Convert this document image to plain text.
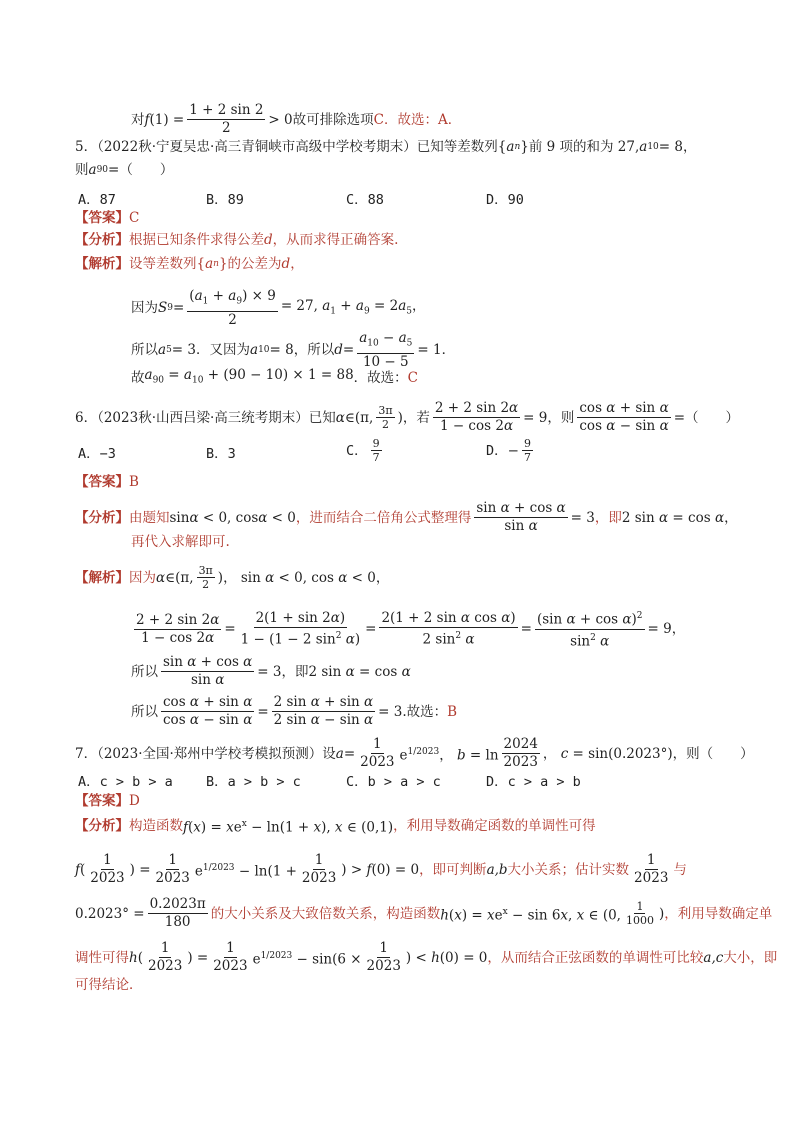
对 f $(1) = \frac{1 + 2 \sin 2}{2} > 0$ 故可排除选项 C．故选：A．
5．（2022秋·宁夏吴忠·高三青铜峡市高级中学校考期末）已知等差数列 { a n } 前 9 项的和为 27, a 10 = 8，
则 a 90 =（　　）
A．87	B．89	C．88	D．90
【答案】 C
【分析】 根据已知条件求得公差 d ，从而求得正确答案.
【解析】 设等差数列 { a n } 的公差为 d ，
因为 S $9 = \frac{(a_1 + a_9) \times 9}{2} = 27$, $a_1 + a_9 = 2a_5$，
所以 a 5 = 3 ．又因为 a 10 = 8 ，所以 $d = \frac{a_{10} - a_5}{10 - 5} = 1$．
故 $a_{90} = a_{10} + (90 - 10) \times 1 = 88$ ．故选： C
6．（2023秋·山西吕梁·高三统考期末）已知 α ∈ (π, $\frac{3\pi}{2}$ ) ，若 $\frac{2 + 2 \sin 2\alpha}{1 - \cos 2\alpha} = 9$ ，则 $\frac{\text{cos α + sin α}}{\text{cos α − sin α}}$ =（　　）
A．−3	B．3	C． $\frac{9}{7}$	D． − $\frac{9}{7}$
【答案】 B
【分析】 由题知 sinα < 0, cosα < 0 ，进而结合二倍角公式整理得 $\frac{\text{sin α + cos α}}{\text{sin α}} = 3$ ，即 2 sin α = cos α，
再代入求解即可.
【解析】 因为 α ∈ (π, $\frac{3\pi}{2}$ )， sin α < 0, cos α < 0，
$\frac{2 + 2 \sin 2\alpha}{1 - \cos 2\alpha} = \frac{2(1 + \sin 2\alpha)}{1 - (1 - 2 \sin^2 \alpha)} = \frac{\text{2(1 + 2 sin α cos α)}}{2 \sin^2 \alpha} = \frac{(\sin \alpha + \cos \alpha)^2}{\sin^2 \alpha} = 9$，
所以 $\frac{\text{sin α + cos α}}{\text{sin α}} = 3$ ，即 2 sin α = cos α
所以 $\frac{\text{cos α + sin α}}{\text{cos α − sin α}} = \frac{\text{2 sin α + sin α}}{\text{2 sin α − sin α}} = 3$ .故选： B
7．（2023·全国·郑州中学校考模拟预测）设 $a = \frac{1}{2023} e^{1/2023}$， $b = \ln \frac{2024}{2023}$ ， c = sin(0.2023°) ，则（　　）
A．c > b > a B．a > b > c	C．b > a > c	D．c > a > b
【答案】 D
【分析】 构造函数 $f(x) = xe^x - \ln(1 + x)$, x ∈ (0,1) ，利用导数确定函数的单调性可得
f ( $\frac{1}{2023}$ ) = $\frac{1}{2023} e^{1/2023} - \ln(1 + \frac{1}{2023}$ ) > f(0) = 0 ，即可判断 a,b 大小关系；估计实数 $\frac{1}{2023}$ 与
$0.2023^\circ = \frac{0.2023\pi}{180}$ 的大小关系及大致倍数关系，构造函数 $h(x) = xe^x - \sin 6x$, x ∈ (0, $\frac{1}{1000}$ ) ，利用导数确定单
调性可得 h ( $\frac{1}{2023}$ ) = $\frac{1}{2023} e^{1/2023} - \sin(6 \times \frac{1}{2023}$ ) < h(0) = 0 ，从而结合正弦函数的单调性可比较 a,c 大小，即
可得结论．
